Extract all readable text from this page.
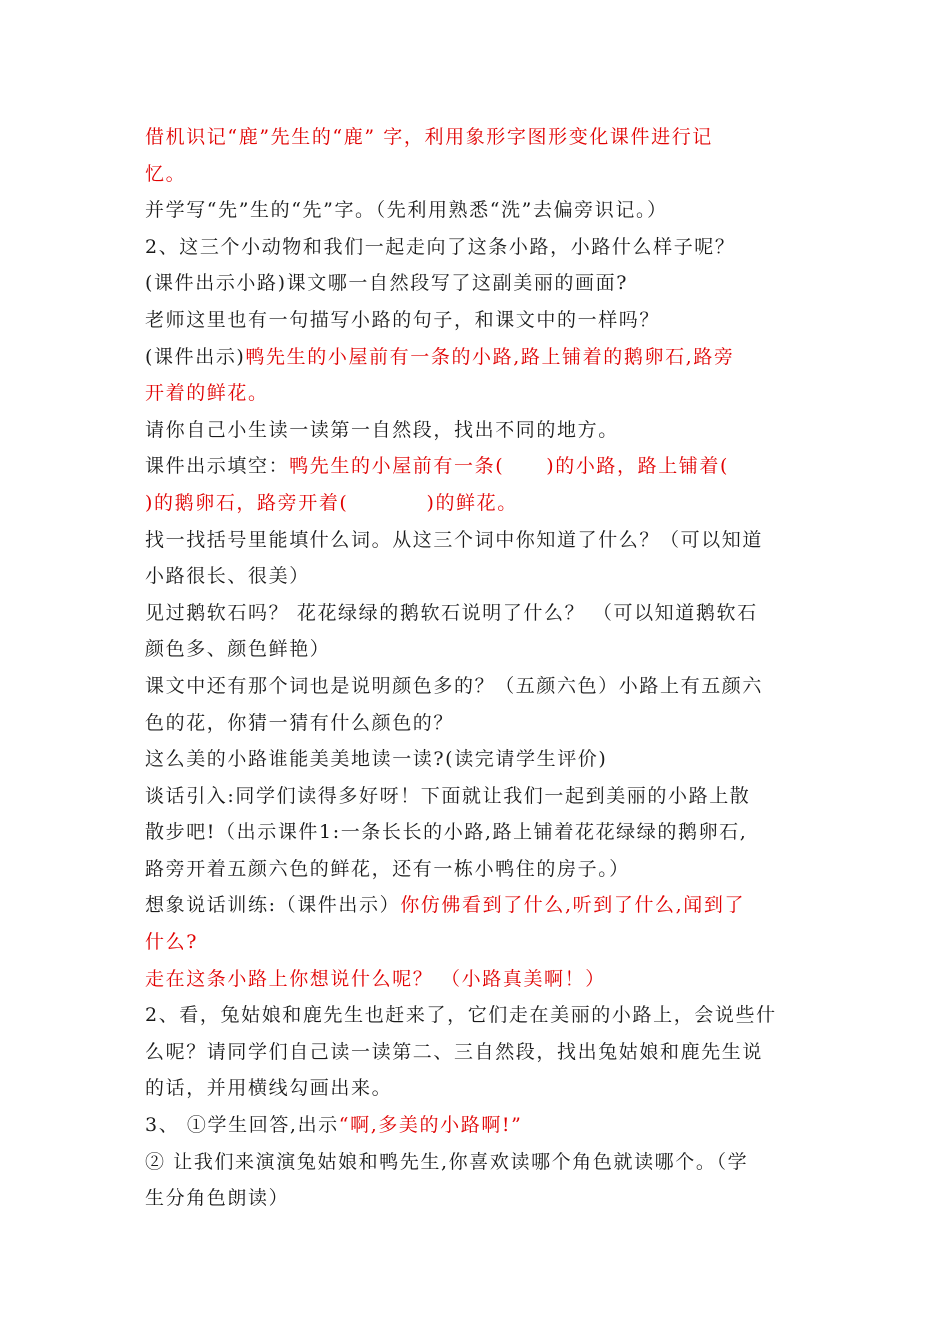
借机识记“鹿”先生的“鹿” 字，利用象形字图形变化课件进行记
忆。
并学写“先”生的“先”字。（先利用熟悉“洗”去偏旁识记。）
2、这三个小动物和我们一起走向了这条小路，小路什么样子呢？
(课件出示小路)课文哪一自然段写了这副美丽的画面?
老师这里也有一句描写小路的句子，和课文中的一样吗？
(课件出示)鸭先生的小屋前有一条的小路,路上铺着的鹅卵石,路旁
开着的鲜花。
请你自己小生读一读第一自然段，找出不同的地方。
课件出示填空：鸭先生的小屋前有一条( )的小路，路上铺着(
)的鹅卵石，路旁开着(	)的鲜花。
找一找括号里能填什么词。从这三个词中你知道了什么？（可以知道
小路很长、很美）
见过鹅软石吗？ 花花绿绿的鹅软石说明了什么？ （可以知道鹅软石
颜色多、颜色鲜艳）
课文中还有那个词也是说明颜色多的？（五颜六色）小路上有五颜六
色的花，你猜一猜有什么颜色的？
这么美的小路谁能美美地读一读?(读完请学生评价)
谈话引入:同学们读得多好呀！下面就让我们一起到美丽的小路上散
散步吧!（出示课件1:一条长长的小路,路上铺着花花绿绿的鹅卵石,
路旁开着五颜六色的鲜花，还有一栋小鸭住的房子。）
想象说话训练:（课件出示）你仿佛看到了什么,听到了什么,闻到了
什么?
走在这条小路上你想说什么呢？ （小路真美啊！）
2、看，兔姑娘和鹿先生也赶来了，它们走在美丽的小路上，会说些什
么呢？请同学们自己读一读第二、三自然段，找出兔姑娘和鹿先生说
的话，并用横线勾画出来。
3、 ①学生回答,出示“啊,多美的小路啊!”
② 让我们来演演兔姑娘和鸭先生,你喜欢读哪个角色就读哪个。（学
生分角色朗读）
